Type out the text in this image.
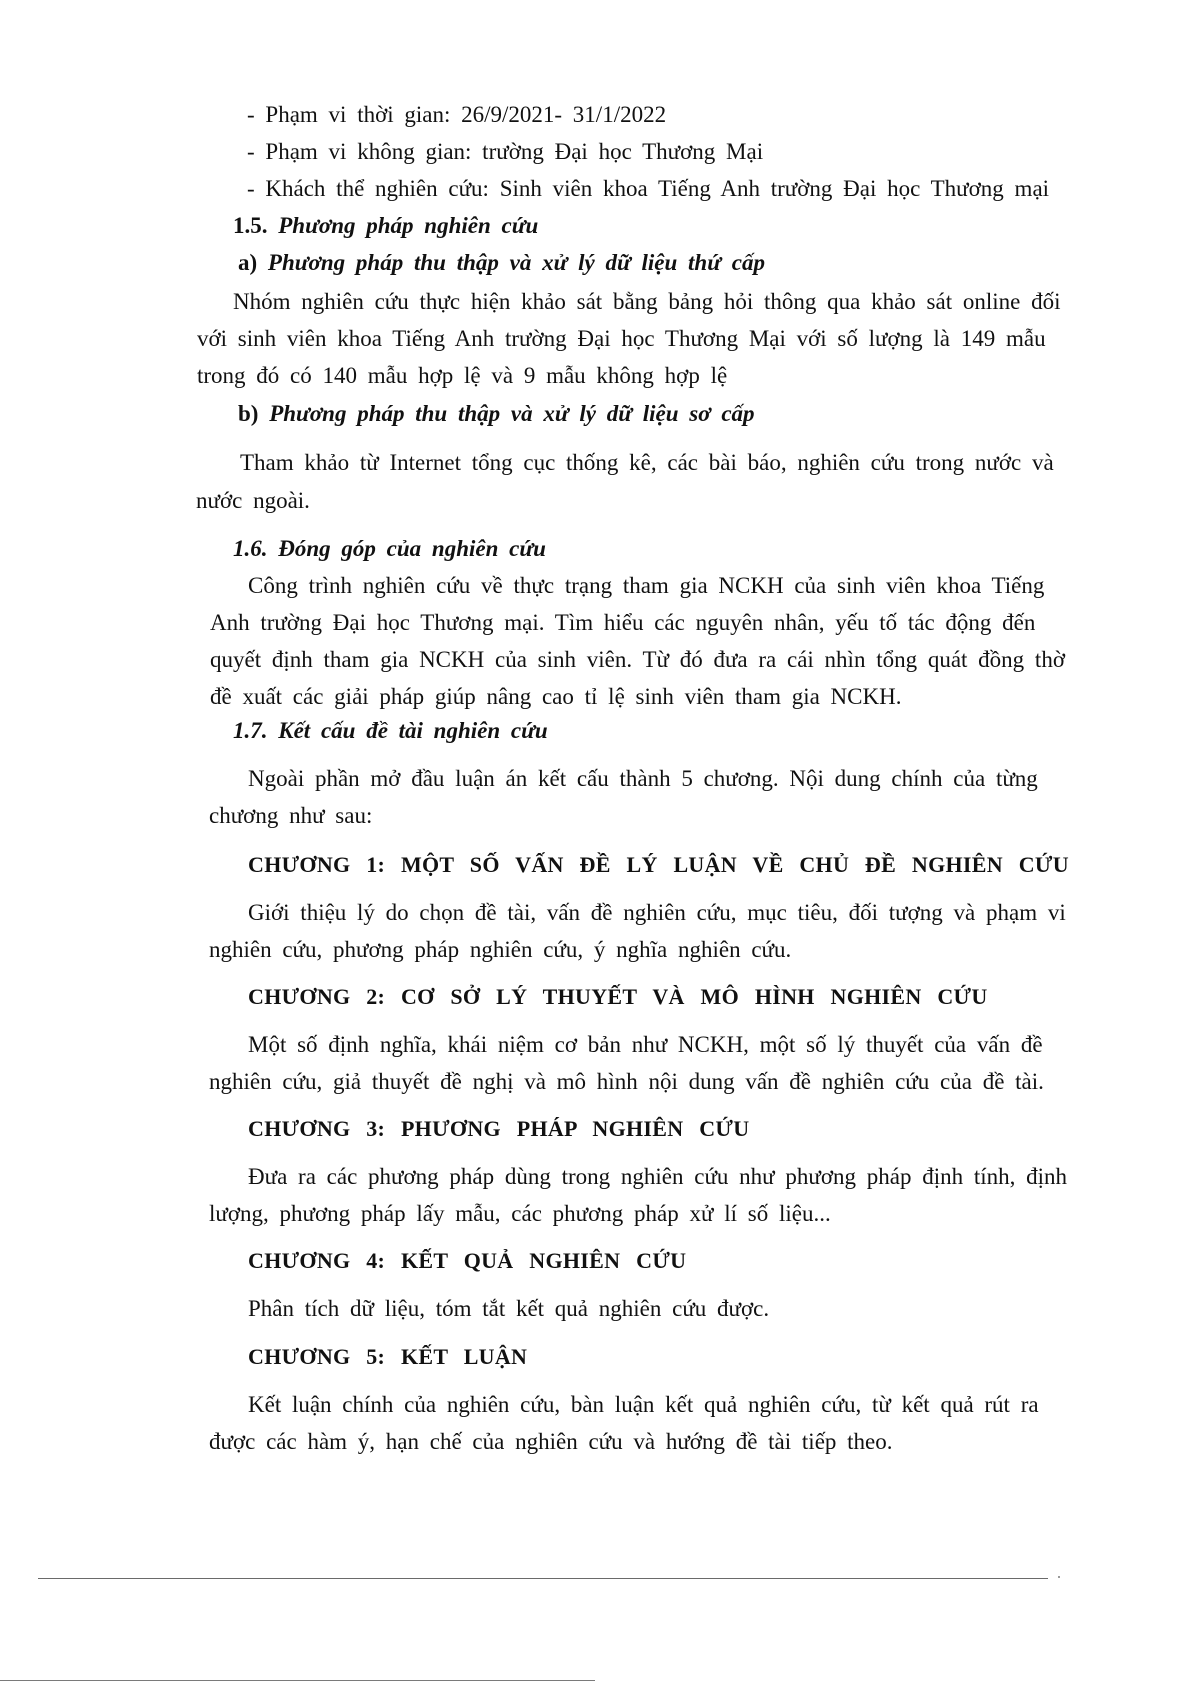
- Phạm vi thời gian: 26/9/2021- 31/1/2022
- Phạm vi không gian: trường Đại học Thương Mại
- Khách thể nghiên cứu: Sinh viên khoa Tiếng Anh trường Đại học Thương mại
1.5. Phương pháp nghiên cứu
a) Phương pháp thu thập và xử lý dữ liệu thứ cấp
Nhóm nghiên cứu thực hiện khảo sát bằng bảng hỏi thông qua khảo sát online đối
với sinh viên khoa Tiếng Anh trường Đại học Thương Mại với số lượng là 149 mẫu
trong đó có 140 mẫu hợp lệ và 9 mẫu không hợp lệ
b) Phương pháp thu thập và xử lý dữ liệu sơ cấp
Tham khảo từ Internet tổng cục thống kê, các bài báo, nghiên cứu trong nước và
nước ngoài.
1.6. Đóng góp của nghiên cứu
Công trình nghiên cứu về thực trạng tham gia NCKH của sinh viên khoa Tiếng
Anh trường Đại học Thương mại. Tìm hiểu các nguyên nhân, yếu tố tác động đến
quyết định tham gia NCKH của sinh viên. Từ đó đưa ra cái nhìn tổng quát đồng thờ
đề xuất các giải pháp giúp nâng cao tỉ lệ sinh viên tham gia NCKH.
1.7. Kết cấu đề tài nghiên cứu
Ngoài phần mở đầu luận án kết cấu thành 5 chương. Nội dung chính của từng
chương như sau:
CHƯƠNG 1: MỘT SỐ VẤN ĐỀ LÝ LUẬN VỀ CHỦ ĐỀ NGHIÊN CỨU
Giới thiệu lý do chọn đề tài, vấn đề nghiên cứu, mục tiêu, đối tượng và phạm vi
nghiên cứu, phương pháp nghiên cứu, ý nghĩa nghiên cứu.
CHƯƠNG 2: CƠ SỞ LÝ THUYẾT VÀ MÔ HÌNH NGHIÊN CỨU
Một số định nghĩa, khái niệm cơ bản như NCKH, một số lý thuyết của vấn đề
nghiên cứu, giả thuyết đề nghị và mô hình nội dung vấn đề nghiên cứu của đề tài.
CHƯƠNG 3: PHƯƠNG PHÁP NGHIÊN CỨU
Đưa ra các phương pháp dùng trong nghiên cứu như phương pháp định tính, định
lượng, phương pháp lấy mẫu, các phương pháp xử lí số liệu...
CHƯƠNG 4: KẾT QUẢ NGHIÊN CỨU
Phân tích dữ liệu, tóm tắt kết quả nghiên cứu được.
CHƯƠNG 5: KẾT LUẬN
Kết luận chính của nghiên cứu, bàn luận kết quả nghiên cứu, từ kết quả rút ra
được các hàm ý, hạn chế của nghiên cứu và hướng đề tài tiếp theo.
